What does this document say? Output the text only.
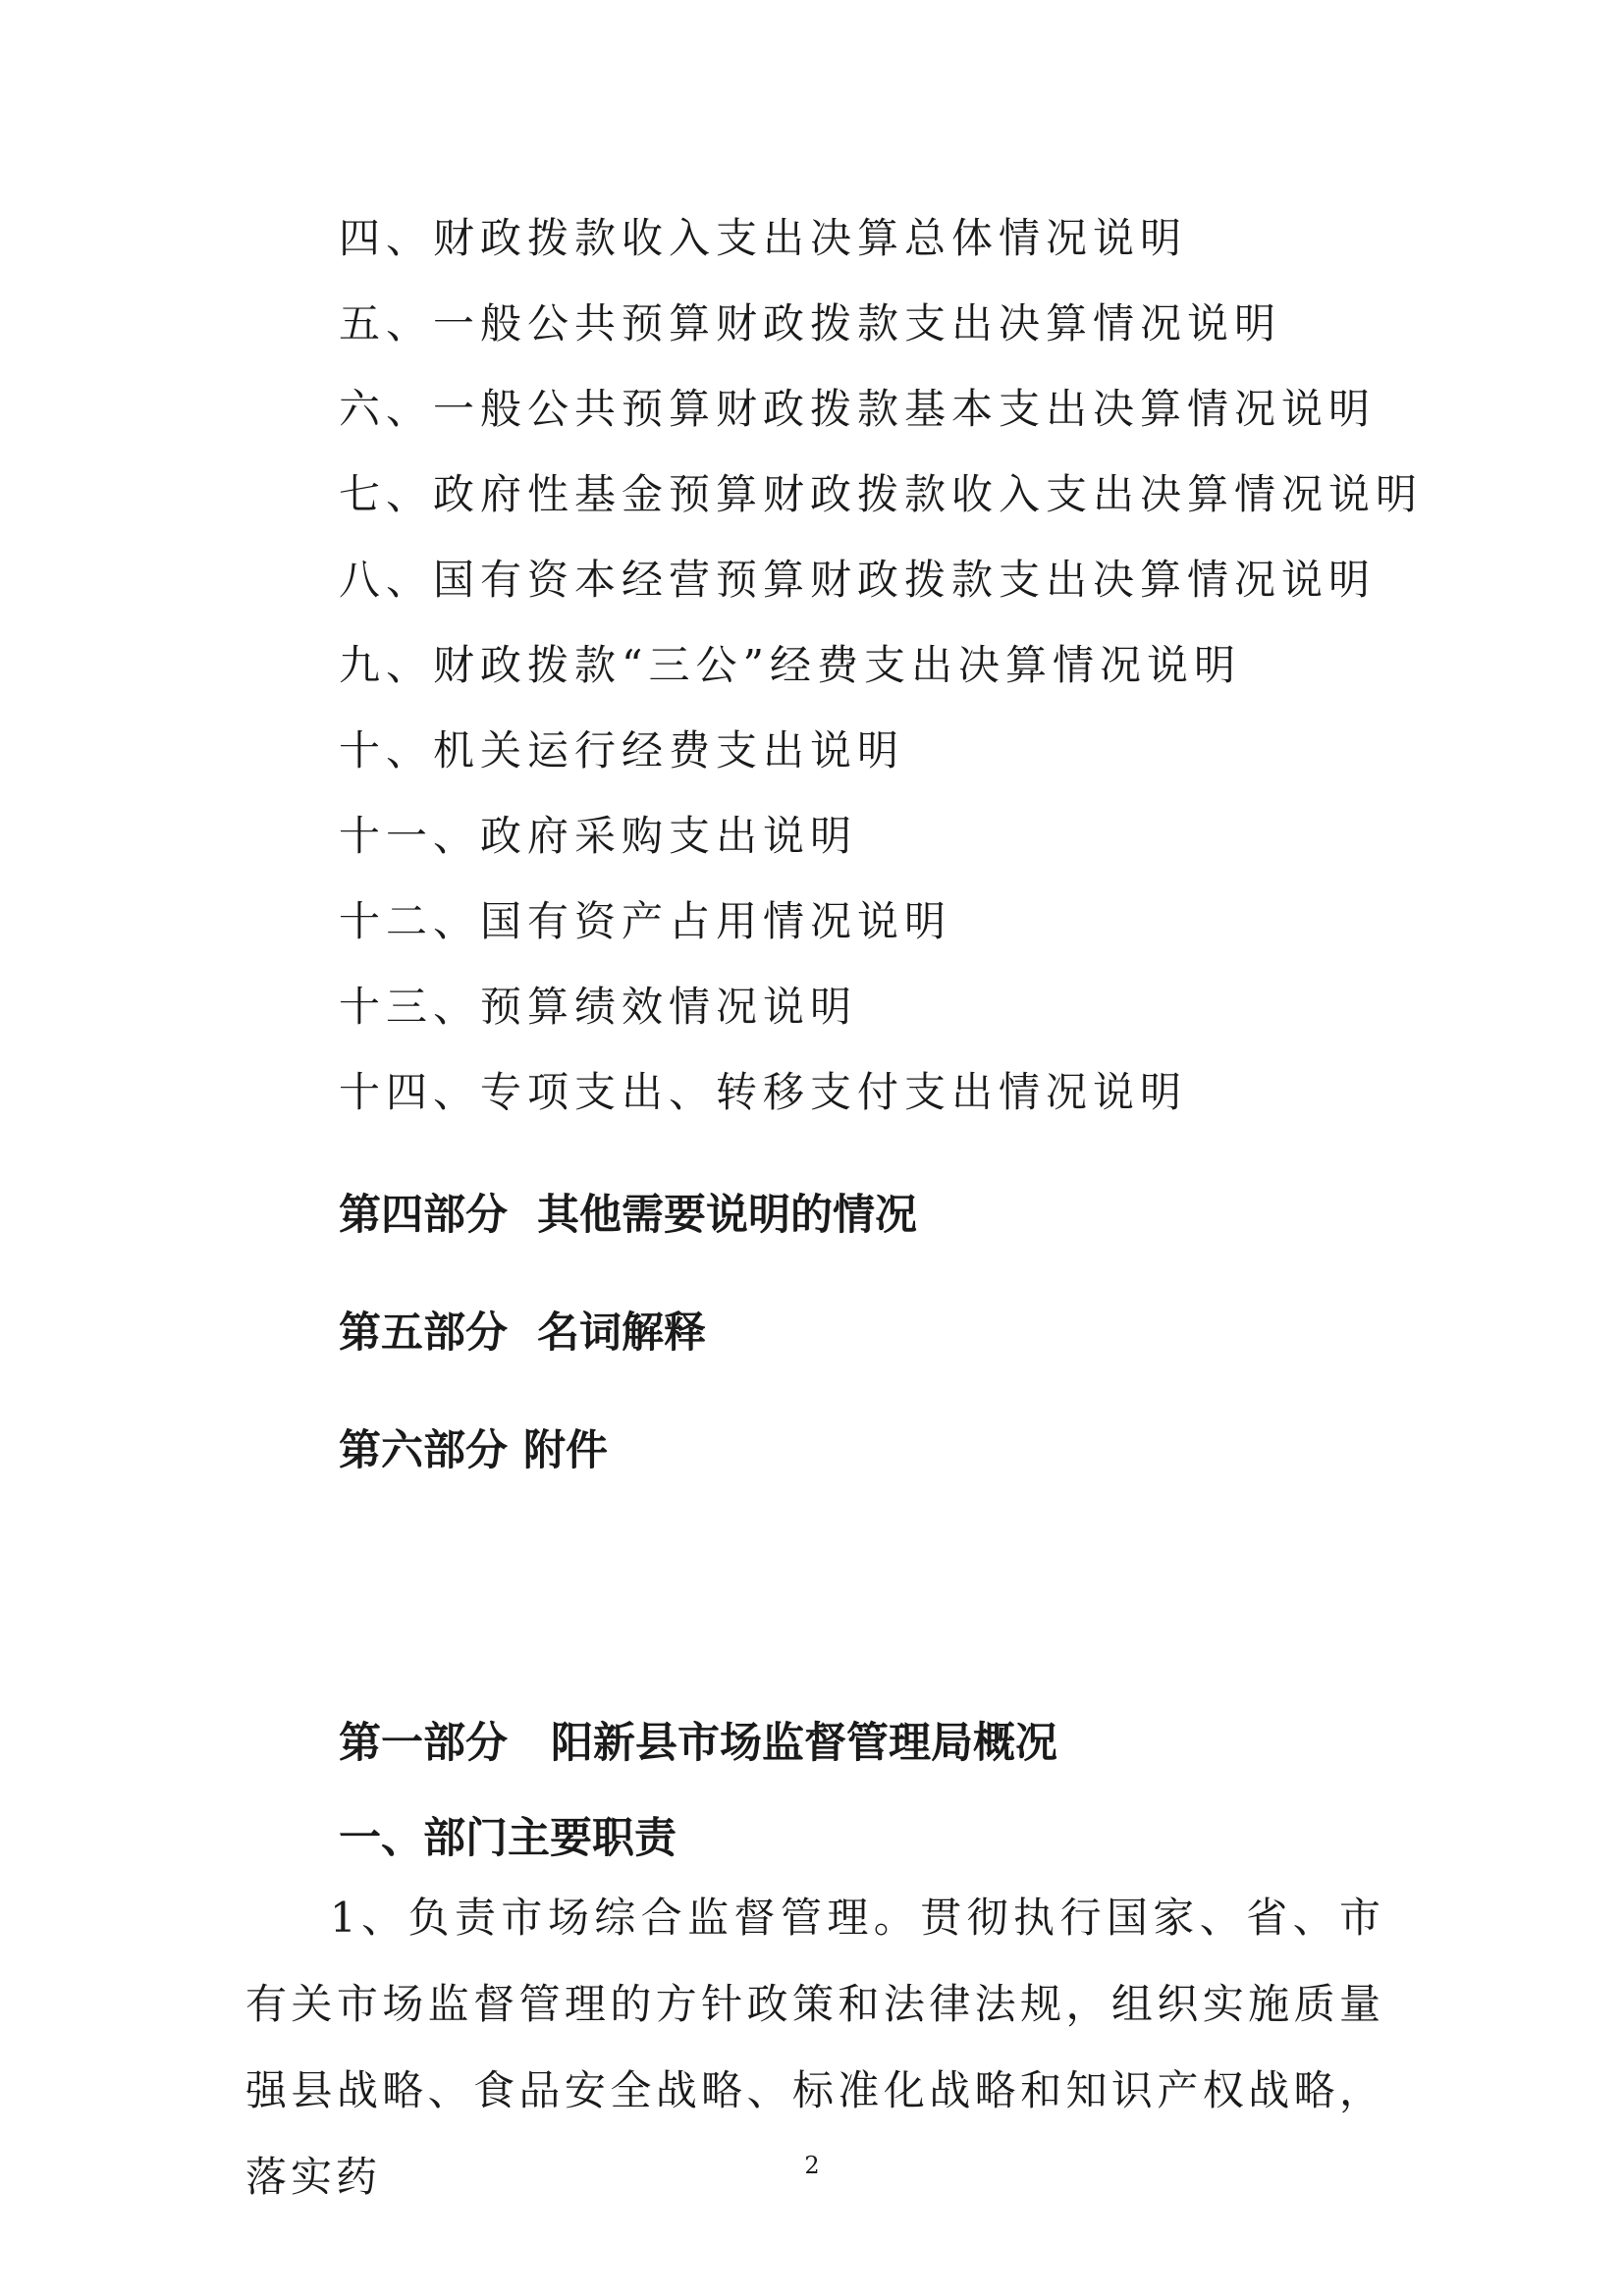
四、财政拨款收入支出决算总体情况说明
五、一般公共预算财政拨款支出决算情况说明
六、一般公共预算财政拨款基本支出决算情况说明
七、政府性基金预算财政拨款收入支出决算情况说明
八、国有资本经营预算财政拨款支出决算情况说明
九、财政拨款“三公”经费支出决算情况说明
十、机关运行经费支出说明
十一、政府采购支出说明
十二、国有资产占用情况说明
十三、预算绩效情况说明
十四、专项支出、转移支付支出情况说明
第四部分 其他需要说明的情况
第五部分 名词解释
第六部分 附件
第一部分 阳新县市场监督管理局概况
一、部门主要职责
1、负责市场综合监督管理。贯彻执行国家、省、市有关市场监督管理的方针政策和法律法规，组织实施质量强县战略、食品安全战略、标准化战略和知识产权战略，落实药	2
